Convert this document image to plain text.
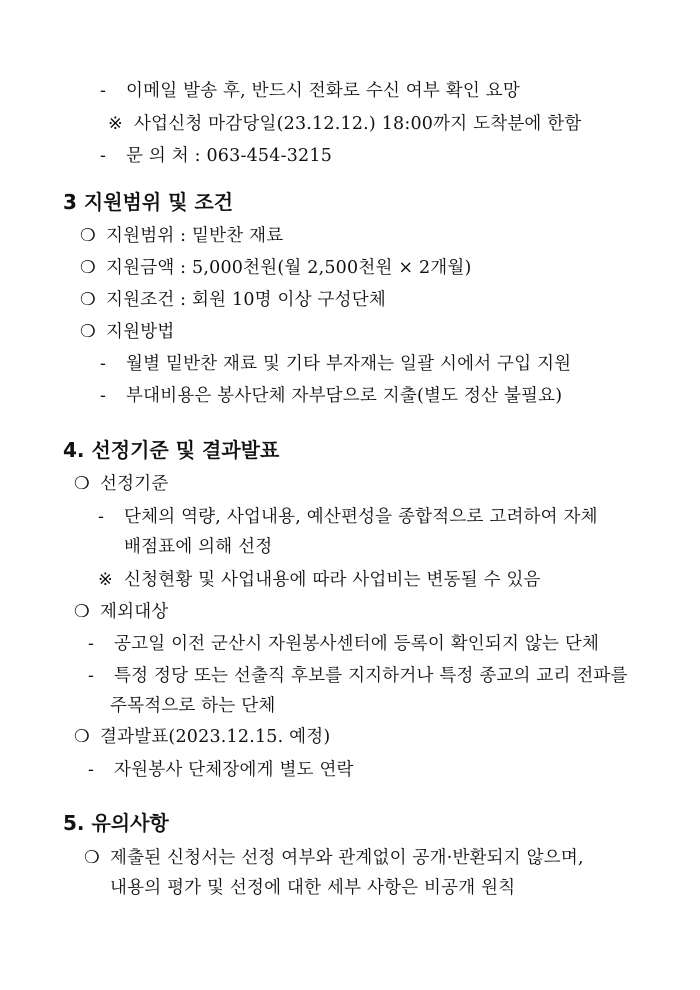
- 이메일 발송 후, 반드시 전화로 수신 여부 확인 요망
※ 사업신청 마감당일(23.12.12.) 18:00까지 도착분에 한함
- 문 의 처 : 063-454-3215
3 지원범위 및 조건
❍ 지원범위 : 밑반찬 재료
❍ 지원금액 : 5,000천원(월 2,500천원 × 2개월)
❍ 지원조건 : 회원 10명 이상 구성단체
❍ 지원방법
- 월별 밑반찬 재료 및 기타 부자재는 일괄 시에서 구입 지원
- 부대비용은 봉사단체 자부담으로 지출(별도 정산 불필요)
4. 선정기준 및 결과발표
❍ 선정기준
- 단체의 역량, 사업내용, 예산편성을 종합적으로 고려하여 자체
배점표에 의해 선정
※ 신청현황 및 사업내용에 따라 사업비는 변동될 수 있음
❍ 제외대상
- 공고일 이전 군산시 자원봉사센터에 등록이 확인되지 않는 단체
- 특정 정당 또는 선출직 후보를 지지하거나 특정 종교의 교리 전파를
주목적으로 하는 단체
❍ 결과발표(2023.12.15. 예정)
- 자원봉사 단체장에게 별도 연락
5. 유의사항
❍ 제출된 신청서는 선정 여부와 관계없이 공개·반환되지 않으며,
내용의 평가 및 선정에 대한 세부 사항은 비공개 원칙
